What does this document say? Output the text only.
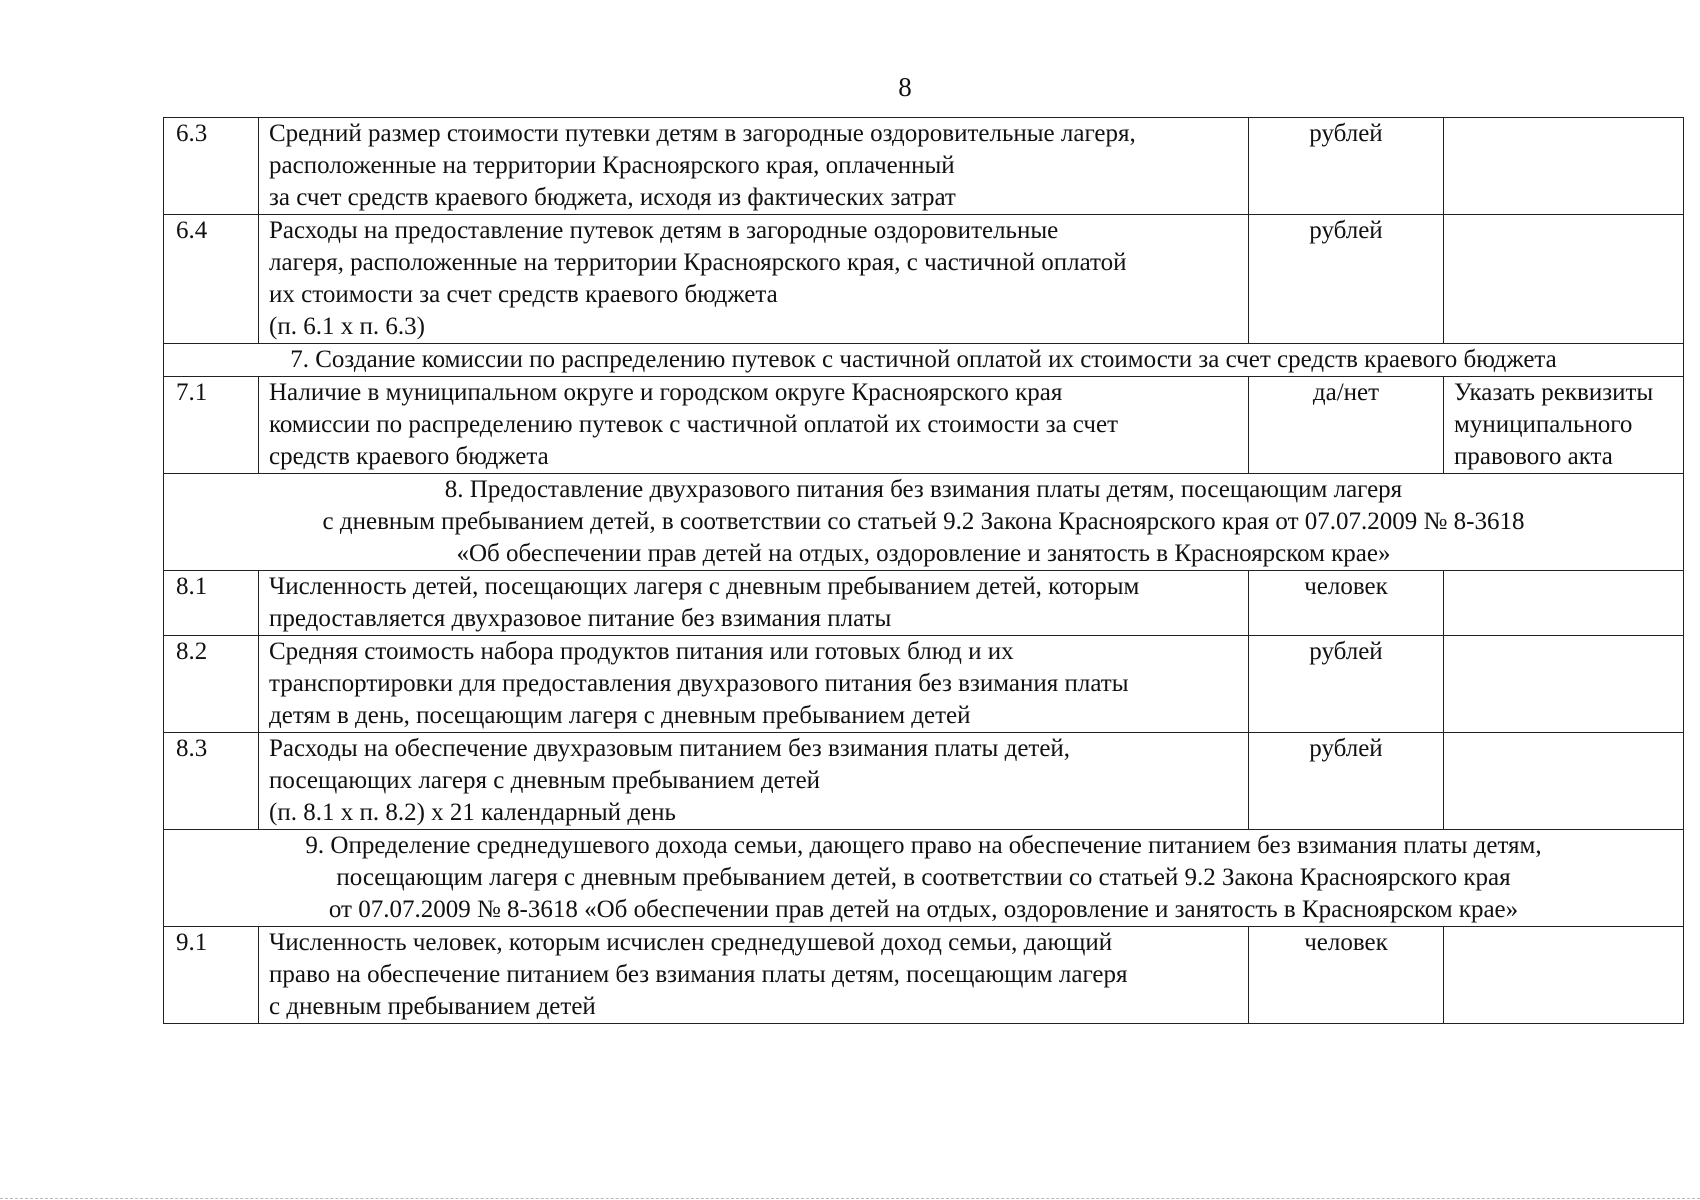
8
6.3	Средний размер стоимости путевки детям в загородные оздоровительные лагеря,
расположенные на территории Красноярского края, оплаченный
за счет средств краевого бюджета, исходя из фактических затрат	рублей	
6.4	Расходы на предоставление путевок детям в загородные оздоровительные
лагеря, расположенные на территории Красноярского края, с частичной оплатой
их стоимости за счет средств краевого бюджета
(п. 6.1 х п. 6.3)	рублей	

7. Создание комиссии по распределению путевок с частичной оплатой их стоимости за счет средств краевого бюджета			

7.1	Наличие в муниципальном округе и городском округе Красноярского края
комиссии по распределению путевок с частичной оплатой их стоимости за счет
средств краевого бюджета	да/нет	Указать реквизиты
муниципального
правового акта

8. Предоставление двухразового питания без взимания платы детям, посещающим лагеря
с дневным пребыванием детей, в соответствии со статьей 9.2 Закона Красноярского края от 07.07.2009 № 8-3618
«Об обеспечении прав детей на отдых, оздоровление и занятость в Красноярском крае»			

8.1	Численность детей, посещающих лагеря с дневным пребыванием детей, которым
предоставляется двухразовое питание без взимания платы	человек	
8.2	Средняя стоимость набора продуктов питания или готовых блюд и их
транспортировки для предоставления двухразового питания без взимания платы
детям в день, посещающим лагеря с дневным пребыванием детей	рублей	
8.3	Расходы на обеспечение двухразовым питанием без взимания платы детей,
посещающих лагеря с дневным пребыванием детей
(п. 8.1 х п. 8.2) х 21 календарный день	рублей	

9. Определение среднедушевого дохода семьи, дающего право на обеспечение питанием без взимания платы детям,
посещающим лагеря с дневным пребыванием детей, в соответствии со статьей 9.2 Закона Красноярского края
от 07.07.2009 № 8-3618 «Об обеспечении прав детей на отдых, оздоровление и занятость в Красноярском крае»			

9.1	Численность человек, которым исчислен среднедушевой доход семьи, дающий
право на обеспечение питанием без взимания платы детям, посещающим лагеря
с дневным пребыванием детей	человек	
